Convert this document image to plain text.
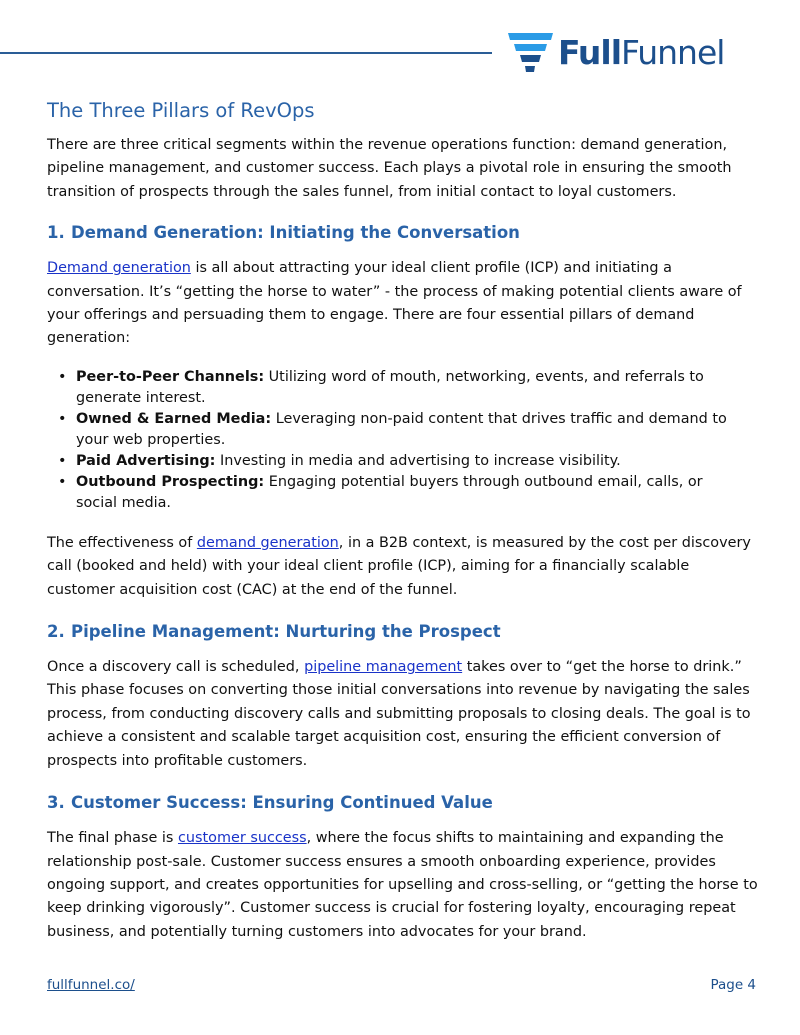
FullFunnel
The Three Pillars of RevOps

There are three critical segments within the revenue operations function: demand generation, pipeline management, and customer success. Each plays a pivotal role in ensuring the smooth transition of prospects through the sales funnel, from initial contact to loyal customers.

1. Demand Generation: Initiating the Conversation

Demand generation is all about attracting your ideal client profile (ICP) and initiating a conversation. It’s “getting the horse to water” - the process of making potential clients aware of your offerings and persuading them to engage. There are four essential pillars of demand generation:

• Peer-to-Peer Channels: Utilizing word of mouth, networking, events, and referrals to generate interest.
• Owned & Earned Media: Leveraging non-paid content that drives traffic and demand to your web properties.
• Paid Advertising: Investing in media and advertising to increase visibility.
• Outbound Prospecting: Engaging potential buyers through outbound email, calls, or social media.

The effectiveness of demand generation, in a B2B context, is measured by the cost per discovery call (booked and held) with your ideal client profile (ICP), aiming for a financially scalable customer acquisition cost (CAC) at the end of the funnel.

2. Pipeline Management: Nurturing the Prospect

Once a discovery call is scheduled, pipeline management takes over to “get the horse to drink.” This phase focuses on converting those initial conversations into revenue by navigating the sales process, from conducting discovery calls and submitting proposals to closing deals. The goal is to achieve a consistent and scalable target acquisition cost, ensuring the efficient conversion of prospects into profitable customers.

3. Customer Success: Ensuring Continued Value

The final phase is customer success, where the focus shifts to maintaining and expanding the relationship post-sale. Customer success ensures a smooth onboarding experience, provides ongoing support, and creates opportunities for upselling and cross-selling, or “getting the horse to keep drinking vigorously”. Customer success is crucial for fostering loyalty, encouraging repeat business, and potentially turning customers into advocates for your brand.

fullfunnel.co/	Page 4
